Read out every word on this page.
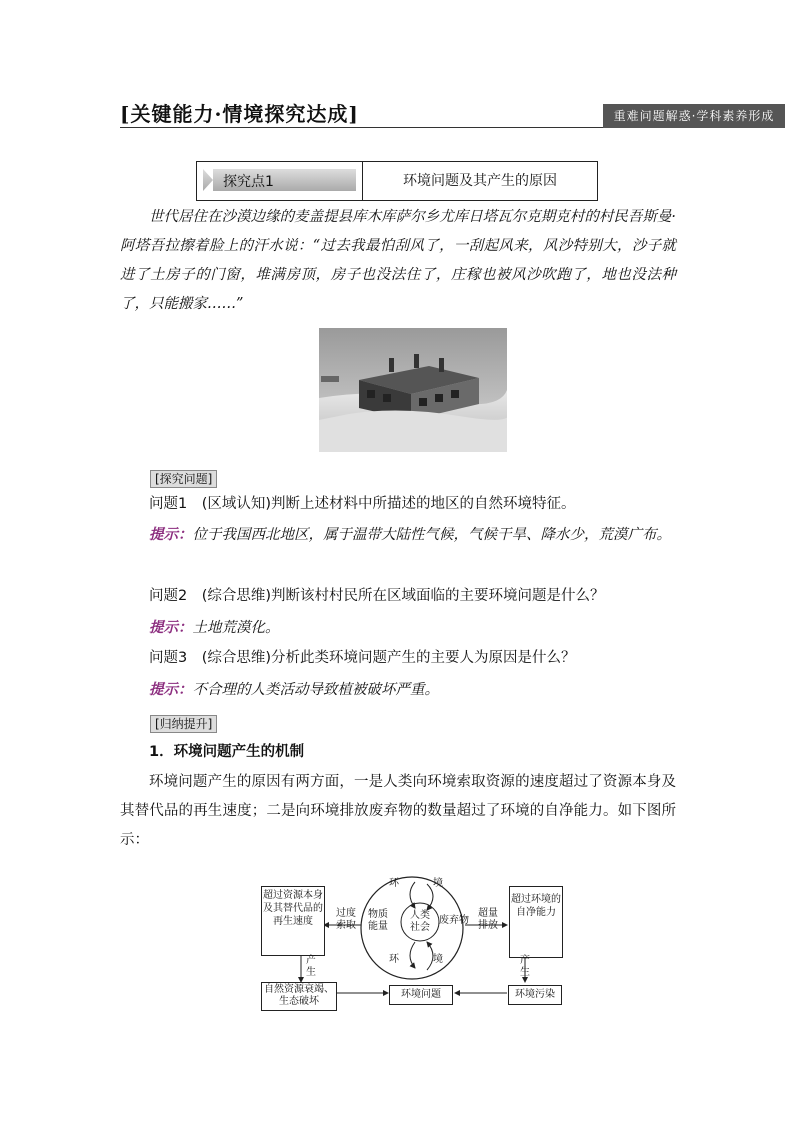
[关键能力·情境探究达成]	重难问题解惑·学科素养形成
探究点1	环境问题及其产生的原因
世代居住在沙漠边缘的麦盖提县库木库萨尔乡尤库日塔瓦尔克期克村的村民吾斯曼·阿塔吾拉擦着脸上的汗水说：“过去我最怕刮风了，一刮起风来，风沙特别大，沙子就进了土房子的门窗，堆满房顶，房子也没法住了，庄稼也被风沙吹跑了，地也没法种了，只能搬家……”
[探究问题]
问题1　(区域认知)判断上述材料中所描述的地区的自然环境特征。
提示：位于我国西北地区，属于温带大陆性气候，气候干旱、降水少，荒漠广布。
问题2　(综合思维)判断该村村民所在区域面临的主要环境问题是什么？
提示：土地荒漠化。
问题3　(综合思维)分析此类环境问题产生的主要人为原因是什么？
提示：不合理的人类活动导致植被破坏严重。
[归纳提升]
1．环境问题产生的机制
环境问题产生的原因有两方面，一是人类向环境索取资源的速度超过了资源本身及其替代品的再生速度；二是向环境排放废弃物的数量超过了环境的自净能力。如下图所示：
超过资源本身及其替代品的再生速度
超过环境的自净能力
环	境
环	境
物质能量
人类社会
废弃物
过度索取
超量排放
产生
产生
自然资源衰竭、生态破坏
环境问题	环境污染
